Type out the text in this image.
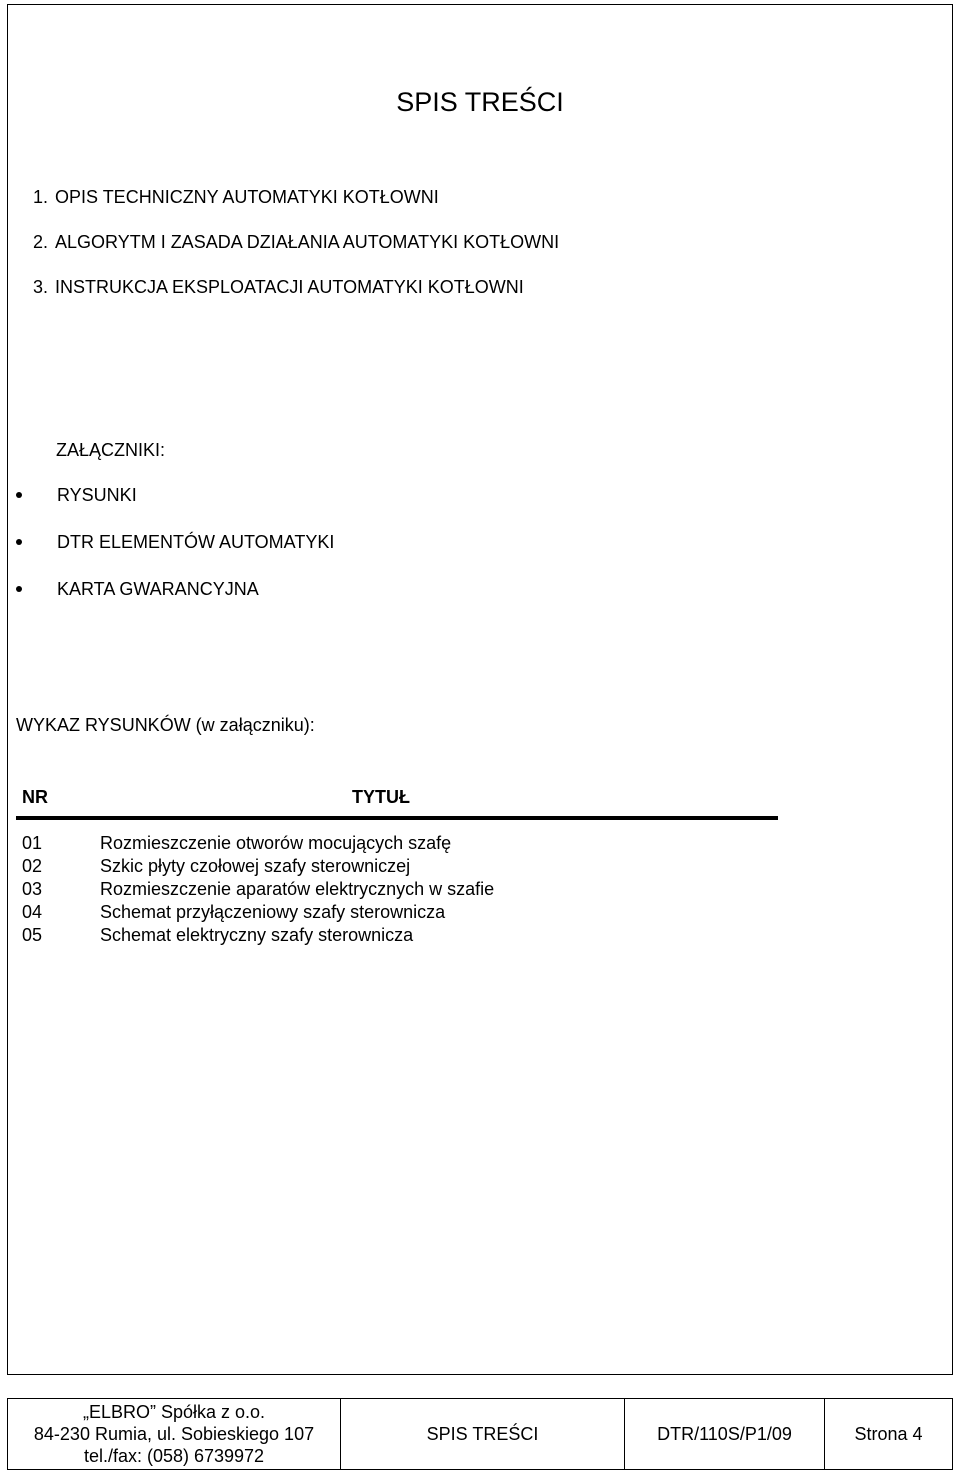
SPIS TREŚCI
1. OPIS TECHNICZNY AUTOMATYKI KOTŁOWNI
2. ALGORYTM I ZASADA DZIAŁANIA AUTOMATYKI KOTŁOWNI
3. INSTRUKCJA EKSPLOATACJI AUTOMATYKI KOTŁOWNI
ZAŁĄCZNIKI:
RYSUNKI
DTR ELEMENTÓW AUTOMATYKI
KARTA GWARANCYJNA
WYKAZ RYSUNKÓW (w załączniku):
NR	TYTUŁ
01	Rozmieszczenie otworów mocujących szafę
02	Szkic płyty czołowej szafy sterowniczej
03	Rozmieszczenie aparatów elektrycznych w szafie
04	Schemat przyłączeniowy szafy sterownicza
05	Schemat elektryczny szafy sterownicza
„ELBRO” Spółka z o.o.
84-230 Rumia, ul. Sobieskiego 107
tel./fax: (058) 6739972
SPIS TREŚCI	DTR/110S/P1/09	Strona 4
